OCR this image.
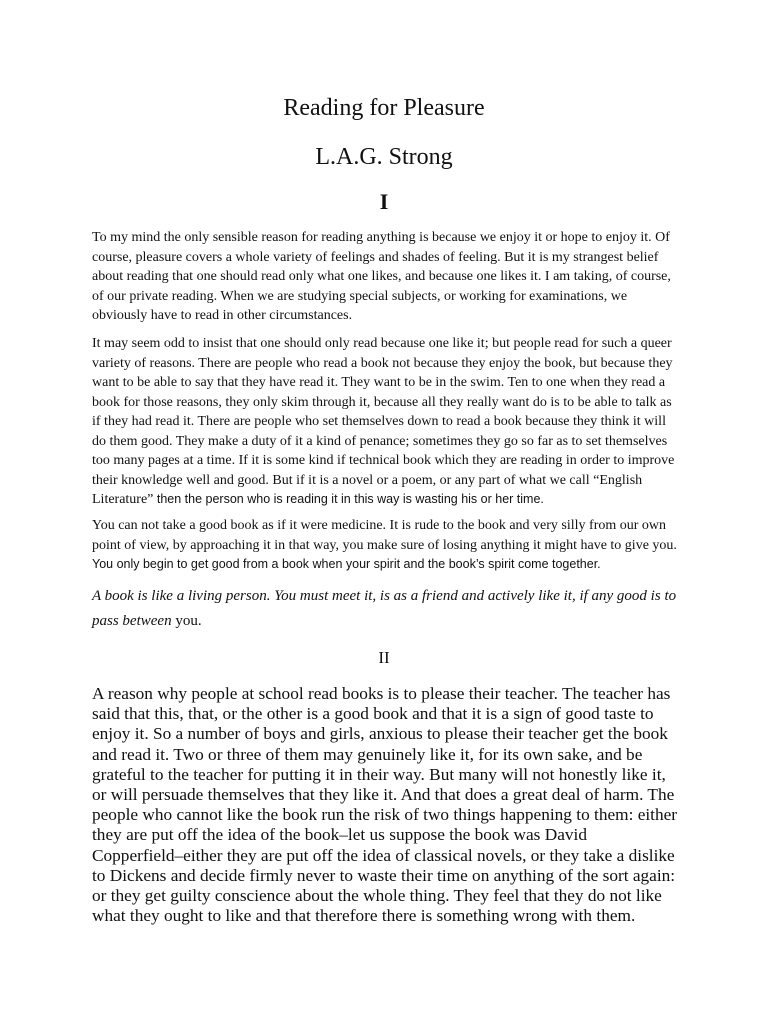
Reading for Pleasure
L.A.G. Strong
I

To my mind the only sensible reason for reading anything is because we enjoy it or hope to enjoy it. Of course, pleasure covers a whole variety of feelings and shades of feeling. But it is my strangest belief about reading that one should read only what one likes, and because one likes it. I am taking, of course, of our private reading. When we are studying special subjects, or working for examinations, we obviously have to read in other circumstances.

It may seem odd to insist that one should only read because one like it; but people read for such a queer variety of reasons. There are people who read a book not because they enjoy the book, but because they want to be able to say that they have read it. They want to be in the swim. Ten to one when they read a book for those reasons, they only skim through it, because all they really want do is to be able to talk as if they had read it. There are people who set themselves down to read a book because they think it will do them good. They make a duty of it a kind of penance; sometimes they go so far as to set themselves too many pages at a time. If it is some kind if technical book which they are reading in order to improve their knowledge well and good. But if it is a novel or a poem, or any part of what we call “English Literature” then the person who is reading it in this way is wasting his or her time.

You can not take a good book as if it were medicine. It is rude to the book and very silly from our own point of view, by approaching it in that way, you make sure of losing anything it might have to give you. You only begin to get good from a book when your spirit and the book’s spirit come together.

A book is like a living person. You must meet it, is as a friend and actively like it, if any good is to pass between you.

II

A reason why people at school read books is to please their teacher. The teacher has said that this, that, or the other is a good book and that it is a sign of good taste to enjoy it. So a number of boys and girls, anxious to please their teacher get the book and read it. Two or three of them may genuinely like it, for its own sake, and be grateful to the teacher for putting it in their way. But many will not honestly like it, or will persuade themselves that they like it. And that does a great deal of harm. The people who cannot like the book run the risk of two things happening to them: either they are put off the idea of the book–let us suppose the book was David Copperfield–either they are put off the idea of classical novels, or they take a dislike to Dickens and decide firmly never to waste their time on anything of the sort again: or they get guilty conscience about the whole thing. They feel that they do not like what they ought to like and that therefore there is something wrong with them.
